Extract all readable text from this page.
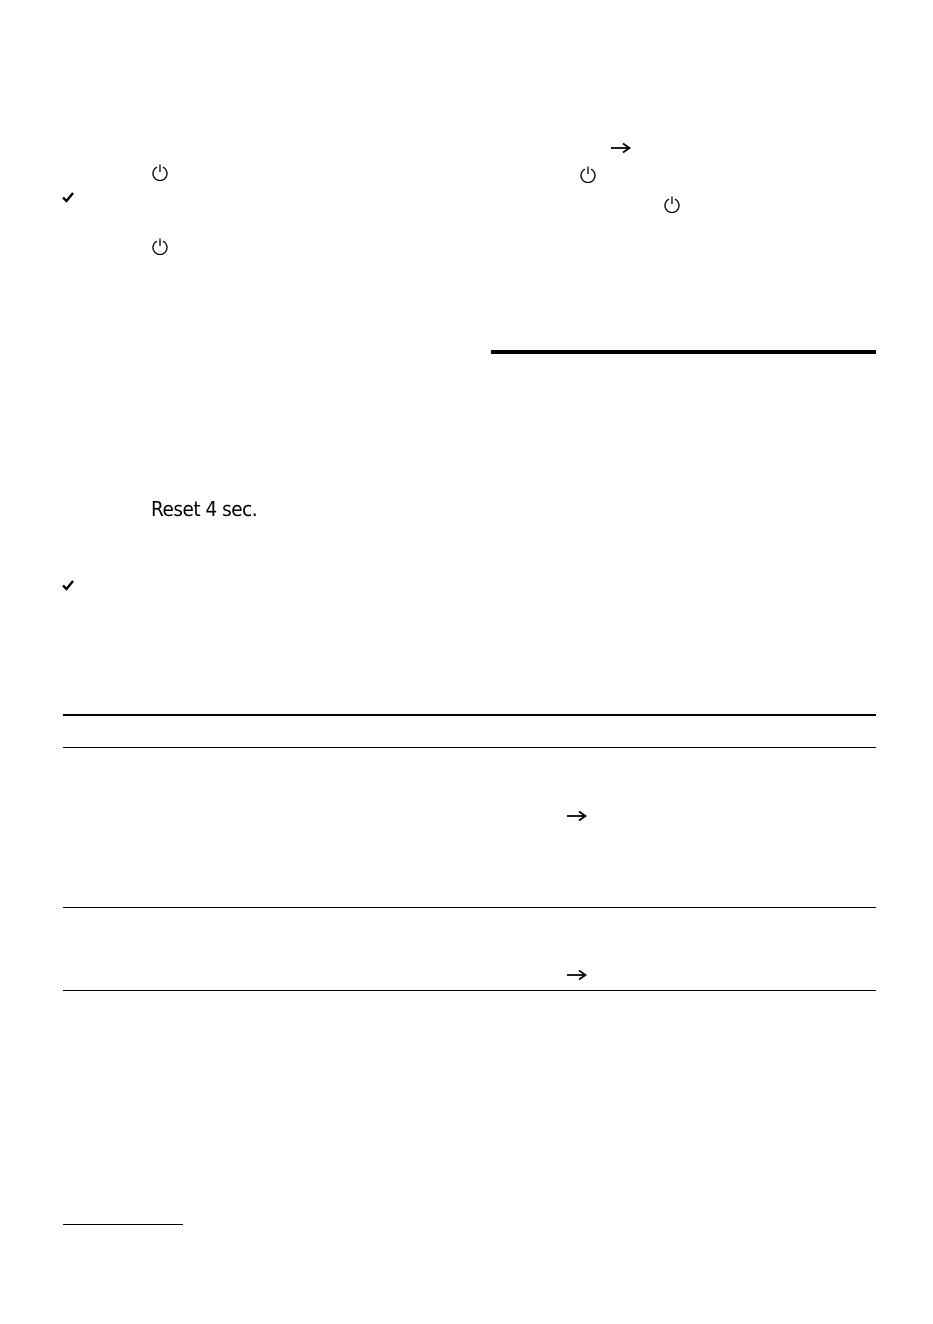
Reset 4 sec.
